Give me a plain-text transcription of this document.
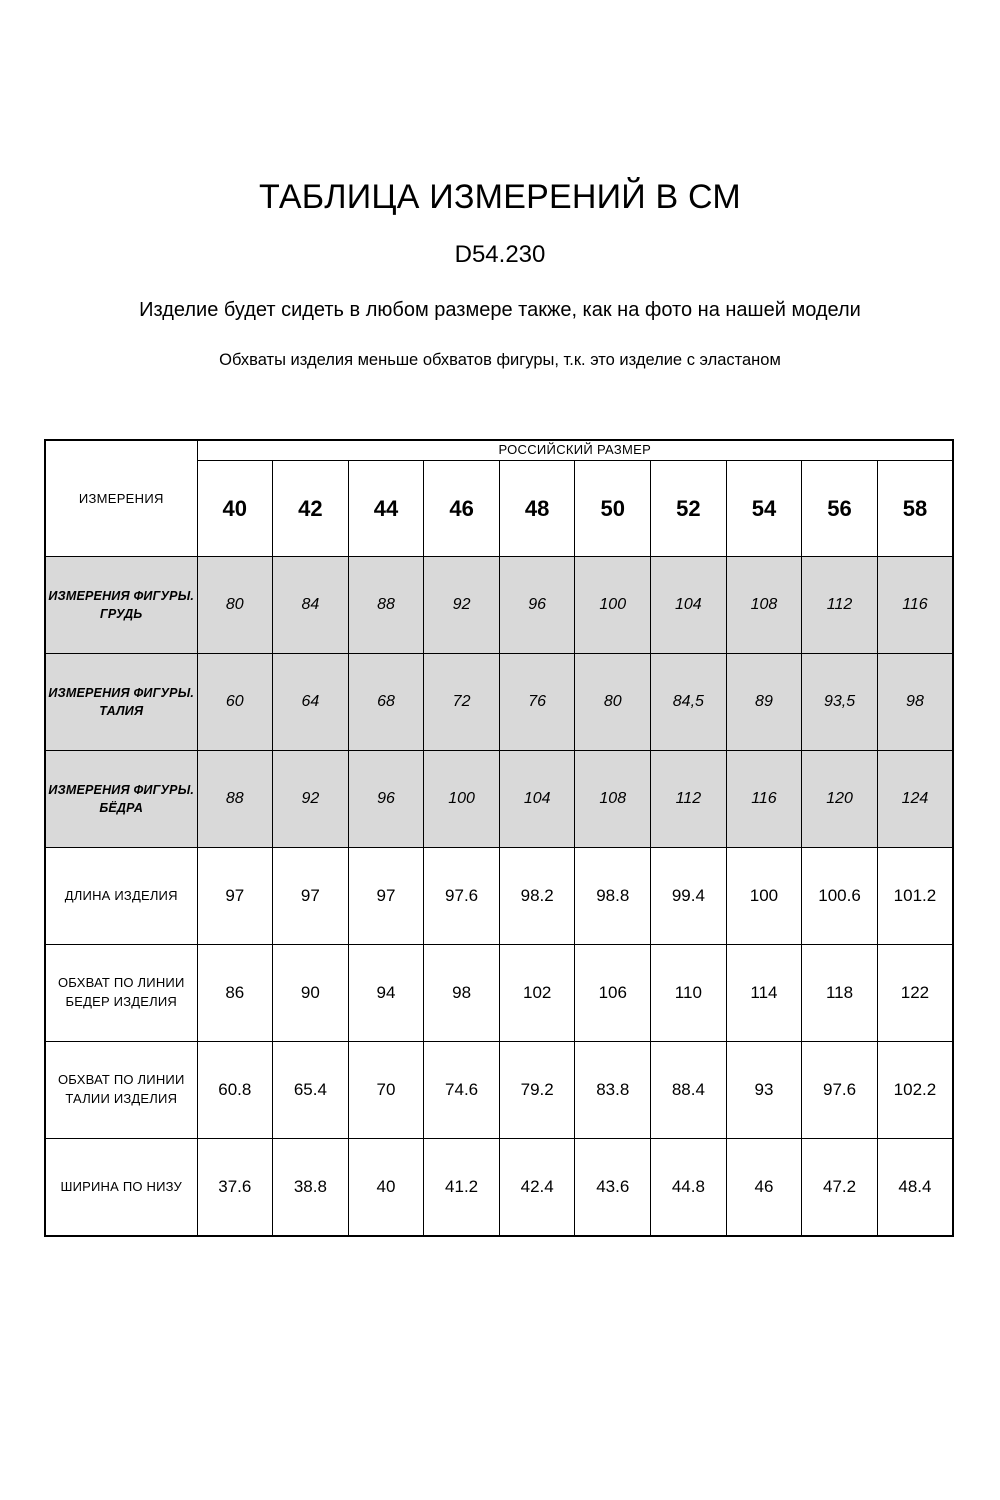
ТАБЛИЦА ИЗМЕРЕНИЙ В СМ
D54.230
Изделие будет сидеть в любом размере также, как на фото на нашей модели
Обхваты изделия меньше обхватов фигуры, т.к. это изделие с эластаном
ИЗМЕРЕНИЯ	РОССИЙСКИЙ РАЗМЕР									
	40	42	44	46	48	50	52	54	56	58
ИЗМЕРЕНИЯ ФИГУРЫ. ГРУДЬ	80	84	88	92	96	100	104	108	112	116
ИЗМЕРЕНИЯ ФИГУРЫ. ТАЛИЯ	60	64	68	72	76	80	84,5	89	93,5	98
ИЗМЕРЕНИЯ ФИГУРЫ. БЁДРА	88	92	96	100	104	108	112	116	120	124
ДЛИНА ИЗДЕЛИЯ	97	97	97	97.6	98.2	98.8	99.4	100	100.6	101.2
ОБХВАТ ПО ЛИНИИ БЕДЕР ИЗДЕЛИЯ	86	90	94	98	102	106	110	114	118	122
ОБХВАТ ПО ЛИНИИ ТАЛИИ ИЗДЕЛИЯ	60.8	65.4	70	74.6	79.2	83.8	88.4	93	97.6	102.2
ШИРИНА ПО НИЗУ	37.6	38.8	40	41.2	42.4	43.6	44.8	46	47.2	48.4
